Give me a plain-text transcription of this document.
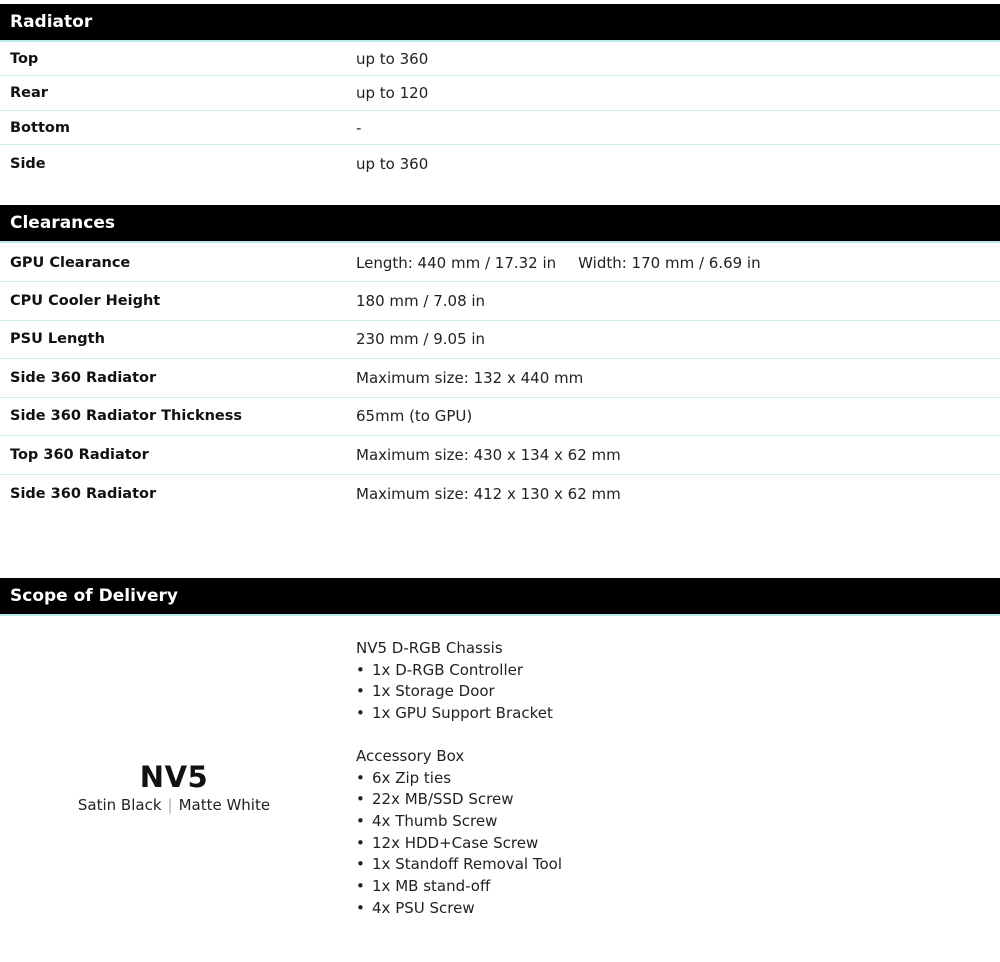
Radiator
Top	up to 360
Rear	up to 120
Bottom	-
Side	up to 360
Clearances
GPU Clearance	Length: 440 mm / 17.32 in Width: 170 mm / 6.69 in
CPU Cooler Height	180 mm / 7.08 in
PSU Length	230 mm / 9.05 in
Side 360 Radiator	Maximum size: 132 x 440 mm
Side 360 Radiator Thickness	65mm (to GPU)
Top 360 Radiator	Maximum size: 430 x 134 x 62 mm
Side 360 Radiator	Maximum size: 412 x 130 x 62 mm
Scope of Delivery
NV5
Satin Black | Matte White
NV5 D-RGB Chassis
• 1x D-RGB Controller
• 1x Storage Door
• 1x GPU Support Bracket
Accessory Box
• 6x Zip ties
• 22x MB/SSD Screw
• 4x Thumb Screw
• 12x HDD+Case Screw
• 1x Standoff Removal Tool
• 1x MB stand-off
• 4x PSU Screw
